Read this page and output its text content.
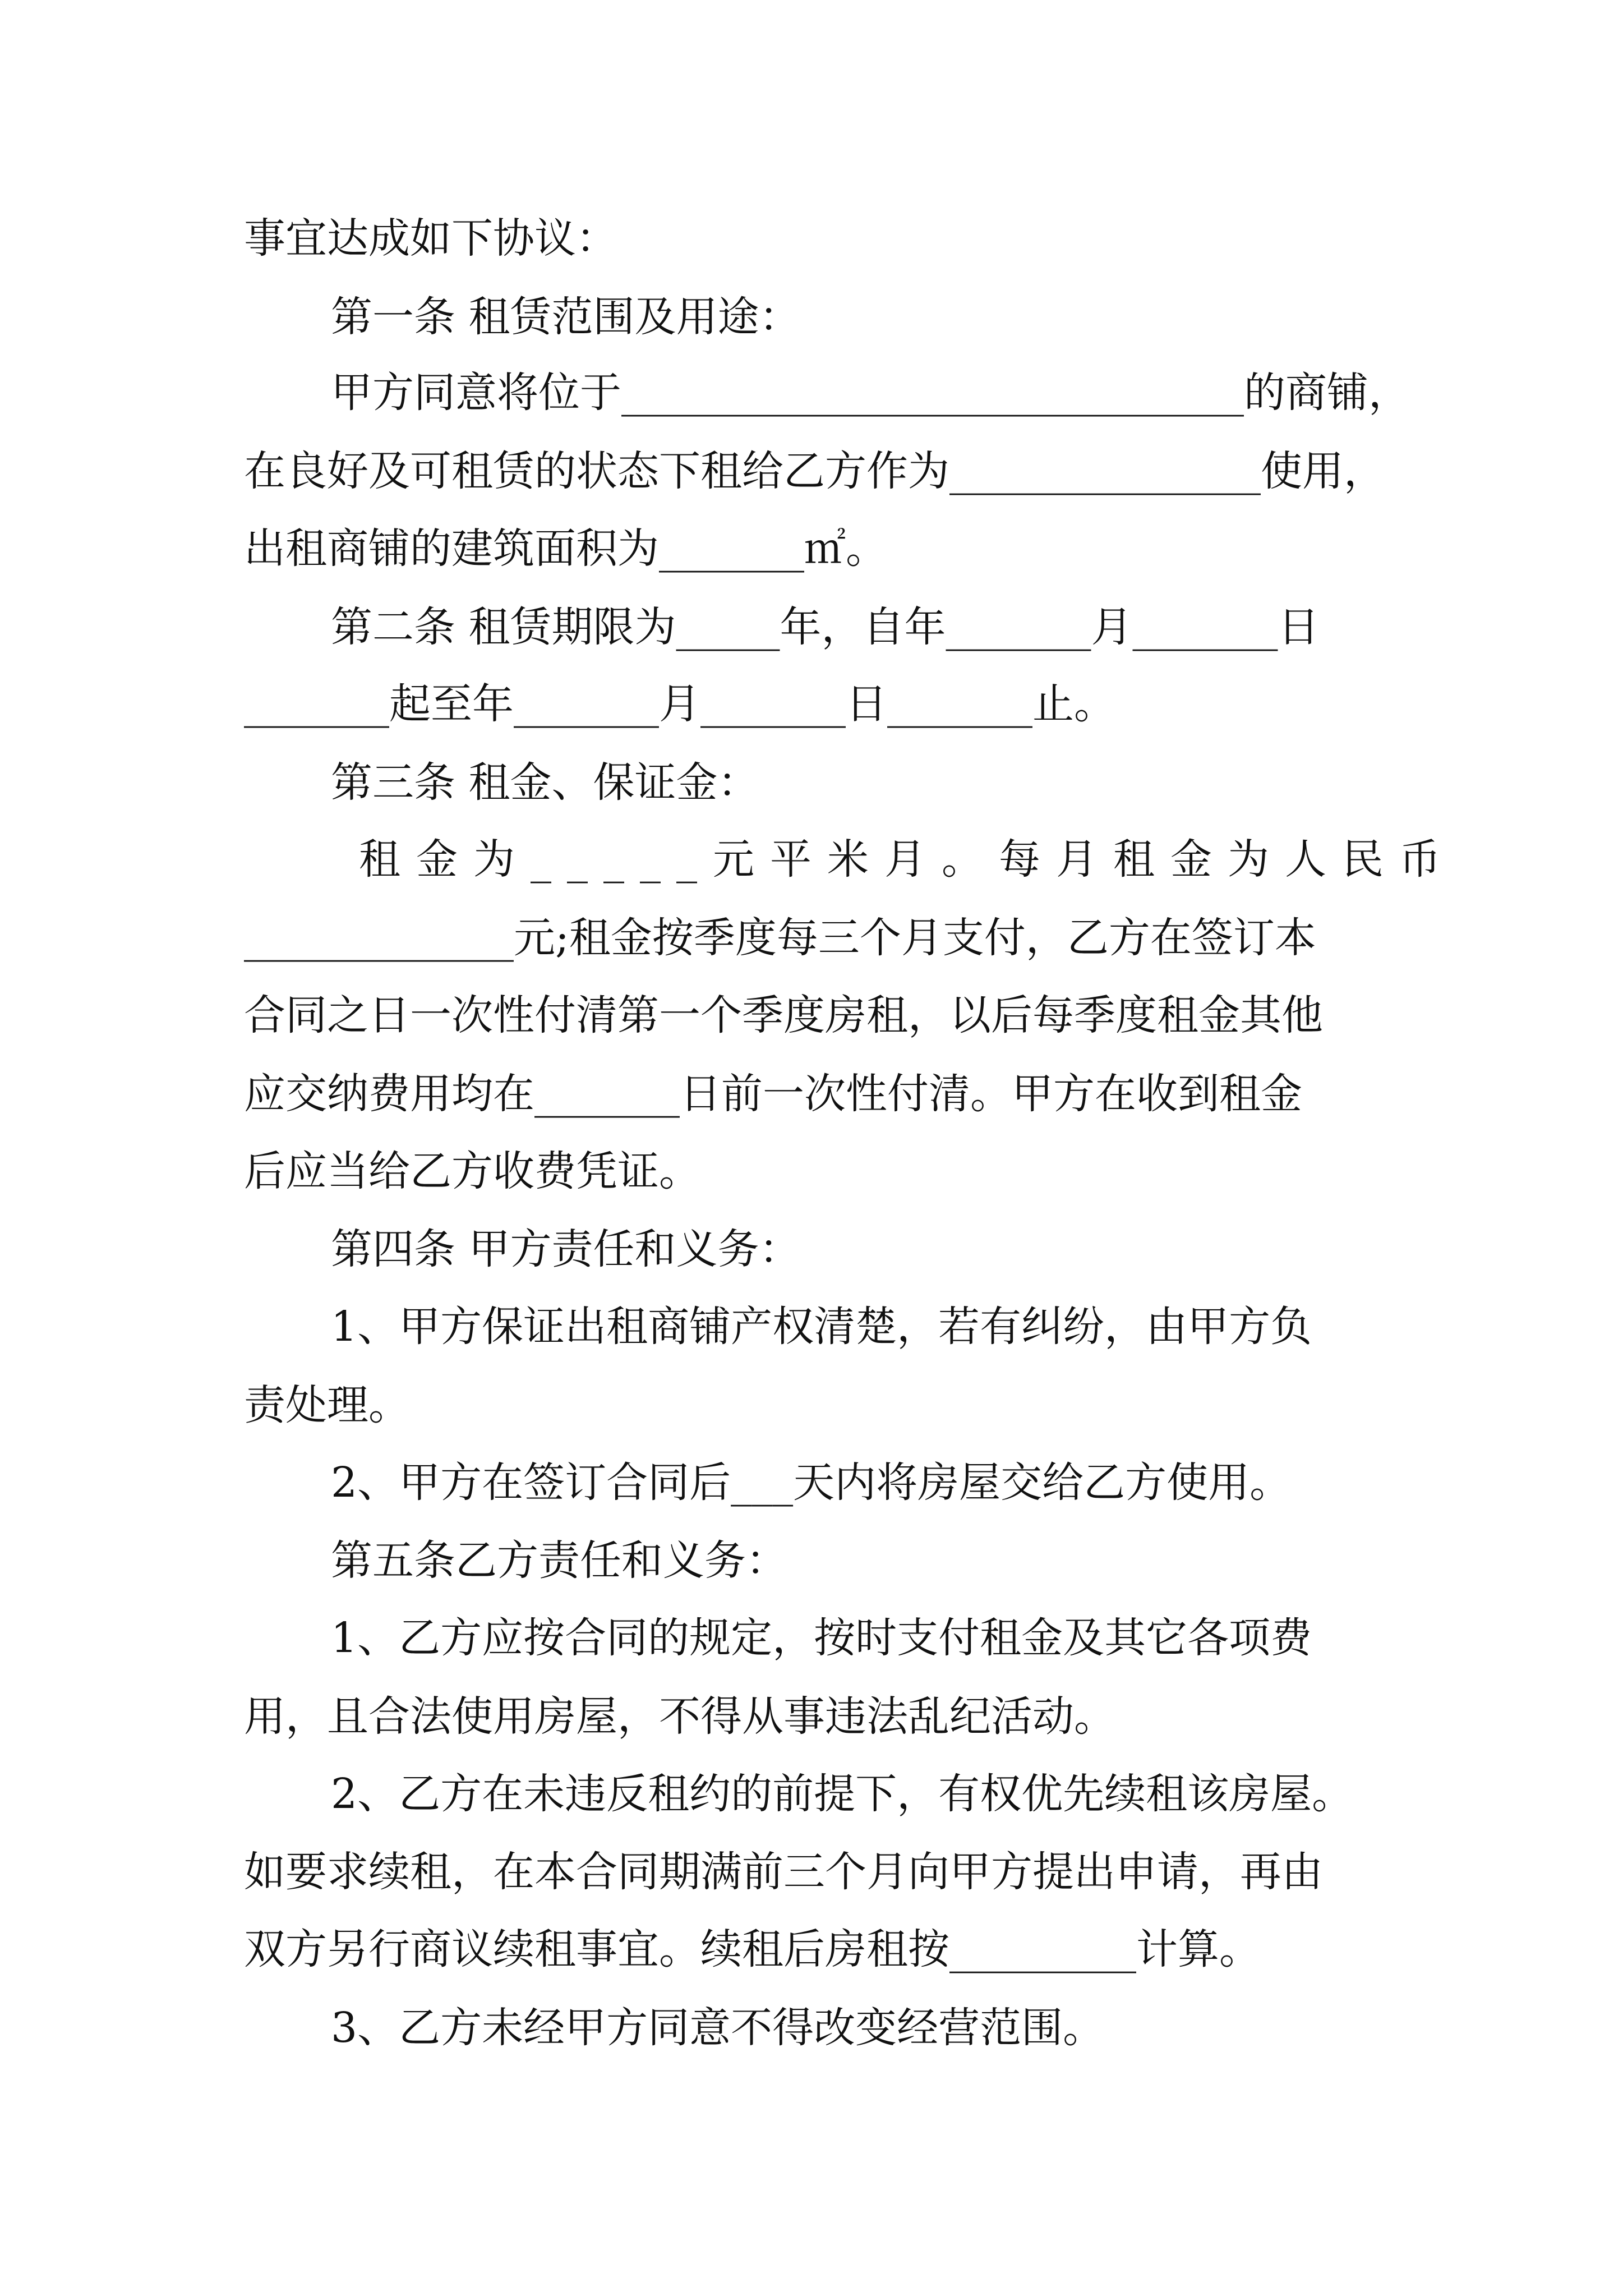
事宜达成如下协议：
第一条 租赁范围及用途：
甲方同意将位于______________________________的商铺，
在良好及可租赁的状态下租给乙方作为_______________使用，
出租商铺的建筑面积为_______㎡。
第二条 租赁期限为_____年，自年_______月_______日
_______起至年_______月_______日_______止。
第三条 租金、保证金：
租金为_____元平米月。每月租金为人民币
_____________元;租金按季度每三个月支付，乙方在签订本
合同之日一次性付清第一个季度房租，以后每季度租金其他
应交纳费用均在_______日前一次性付清。甲方在收到租金
后应当给乙方收费凭证。
第四条 甲方责任和义务：
1、甲方保证出租商铺产权清楚，若有纠纷，由甲方负
责处理。
2、甲方在签订合同后___天内将房屋交给乙方使用。
第五条乙方责任和义务：
1、乙方应按合同的规定，按时支付租金及其它各项费
用，且合法使用房屋，不得从事违法乱纪活动。
2、乙方在未违反租约的前提下，有权优先续租该房屋。
如要求续租，在本合同期满前三个月向甲方提出申请，再由
双方另行商议续租事宜。续租后房租按_________计算。
3、乙方未经甲方同意不得改变经营范围。
